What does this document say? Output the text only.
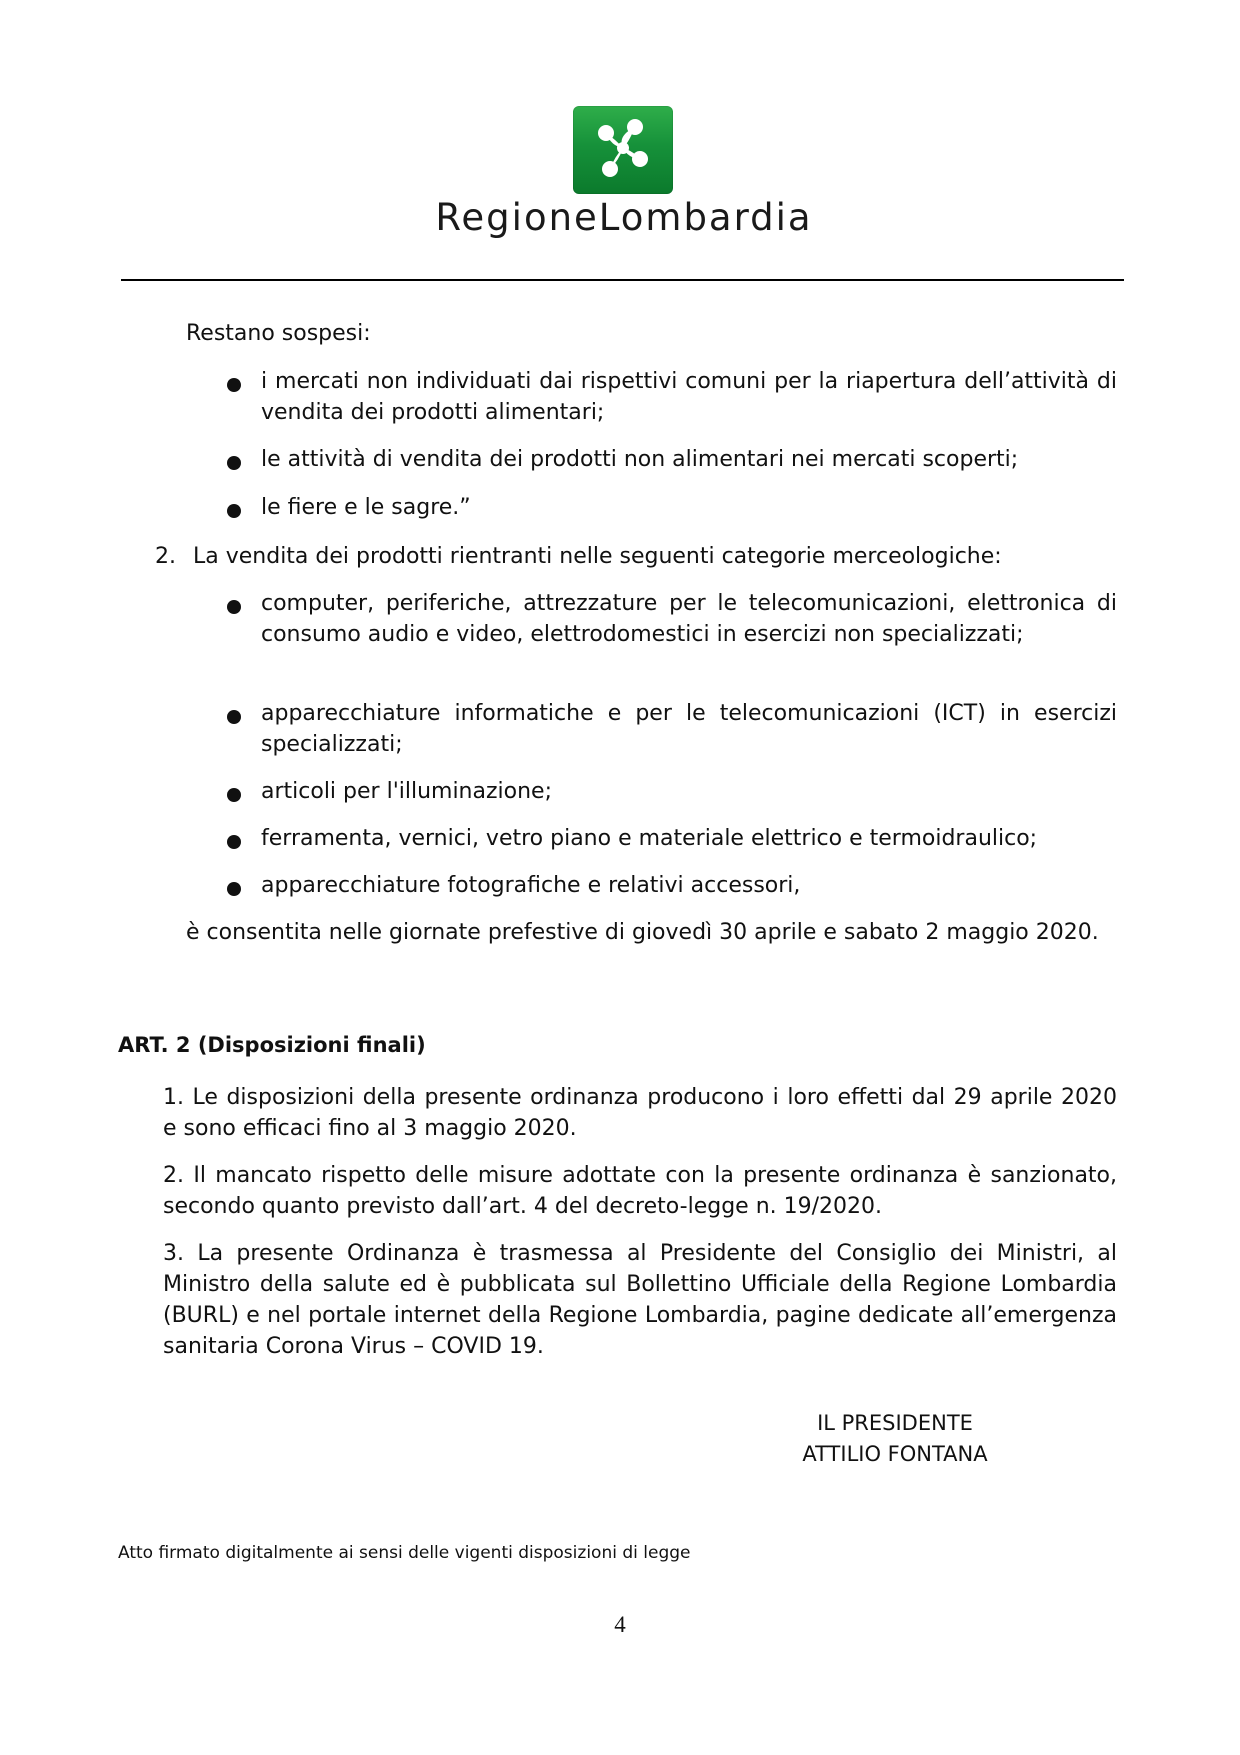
RegioneLombardia
Restano sospesi:
i mercati non individuati dai rispettivi comuni per la riapertura dell’attività di vendita dei prodotti alimentari;
le attività di vendita dei prodotti non alimentari nei mercati scoperti;
le fiere e le sagre.”
2. La vendita dei prodotti rientranti nelle seguenti categorie merceologiche:
computer, periferiche, attrezzature per le telecomunicazioni, elettronica di consumo audio e video, elettrodomestici in esercizi non specializzati;
apparecchiature informatiche e per le telecomunicazioni (ICT) in esercizi specializzati;
articoli per l'illuminazione;
ferramenta, vernici, vetro piano e materiale elettrico e termoidraulico;
apparecchiature fotografiche e relativi accessori,
è consentita nelle giornate prefestive di giovedì 30 aprile e sabato 2 maggio 2020.
ART. 2 (Disposizioni finali)
1. Le disposizioni della presente ordinanza producono i loro effetti dal 29 aprile 2020 e sono efficaci fino al 3 maggio 2020.
2. Il mancato rispetto delle misure adottate con la presente ordinanza è sanzionato, secondo quanto previsto dall’art. 4 del decreto-legge n. 19/2020.
3. La presente Ordinanza è trasmessa al Presidente del Consiglio dei Ministri, al Ministro della salute ed è pubblicata sul Bollettino Ufficiale della Regione Lombardia (BURL) e nel portale internet della Regione Lombardia, pagine dedicate all’emergenza sanitaria Corona Virus – COVID 19.
IL PRESIDENTE
ATTILIO FONTANA
Atto firmato digitalmente ai sensi delle vigenti disposizioni di legge
4
